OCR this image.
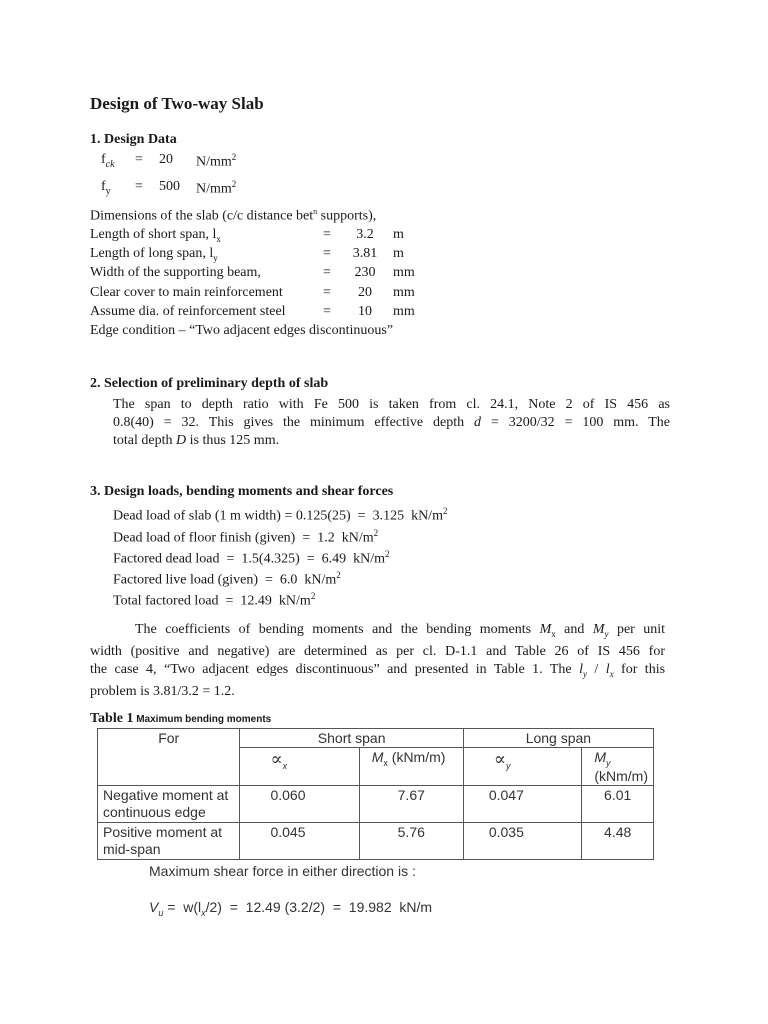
Design of Two-way Slab
1. Design Data
$f_{ck} = 20$ $N/mm^2$
$f_y = 500$ $N/mm^2$
Dimensions of the slab (c/c distance bet$^n$ supports),
Length of short span, $l_x$	=	3.2	m
Length of long span, $l_y$	=	3.81	m
Width of the supporting beam,	=	230	mm
Clear cover to main reinforcement	=	20	mm
Assume dia. of reinforcement steel	=	10	mm
Edge condition – “Two adjacent edges discontinuous”
2. Selection of preliminary depth of slab
The span to depth ratio with Fe 500 is taken from cl. 24.1, Note 2 of IS 456 as
0.8(40) = 32. This gives the minimum effective depth d = 3200/32 = 100 mm. The
total depth D is thus 125 mm.
3. Design loads, bending moments and shear forces
Dead load of slab (1 m width) = 0.125(25)  =  3.125  $kN/m^2$
Dead load of floor finish (given)  =  1.2  $kN/m^2$
Factored dead load  =  1.5(4.325)  =  6.49  $kN/m^2$
Factored live load (given)  =  6.0  $kN/m^2$
Total factored load  =  12.49  $kN/m^2$
The coefficients of bending moments and the bending moments $M_x$ and $M_y$ per unit
width (positive and negative) are determined as per cl. D-1.1 and Table 26 of IS 456 for
the case 4, “Two adjacent edges discontinuous” and presented in Table 1. The $l_y / l_x$ for this
problem is 3.81/3.2 = 1.2.
Table 1 Maximum bending moments
For	Short span		Long span	
	$\propto_x$	$M_x$ (kNm/m)	$\propto_y$	$M_y$ (kNm/m)
Negative moment at continuous edge	0.060	7.67	0.047	6.01
Positive moment at mid-span	0.045	5.76	0.035	4.48
Maximum shear force in either direction is :
$V_u = w(l_x/2) = 12.49$ (3.2/2)  =  19.982  kN/m
